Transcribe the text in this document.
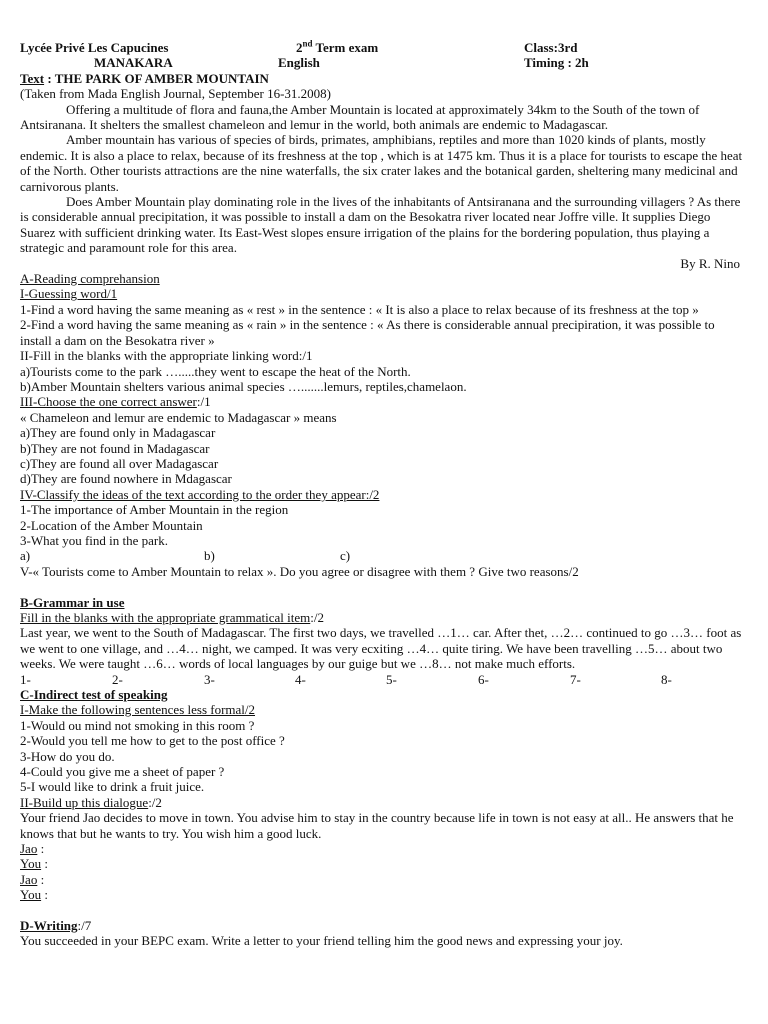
Lycée Privé Les Capucines	2nd Term exam	Class:3rd
MANAKARA	English	Timing : 2h

Text : THE PARK OF AMBER MOUNTAIN

(Taken from Mada English Journal, September 16-31.2008)

Offering a multitude of flora and fauna,the Amber Mountain is located at approximately 34km to the South of the town of Antsiranana. It shelters the smallest chameleon and lemur in the world, both animals are endemic to Madagascar.

Amber mountain has various of species of birds, primates, amphibians, reptiles and more than 1020 kinds of plants, mostly endemic. It is also a place to relax, because of its freshness at the top , which is at 1475 km. Thus it is a place for tourists to escape the heat of the North. Other tourists attractions are the nine waterfalls, the six crater lakes and the botanical garden, sheltering many medicinal and carnivorous plants.

Does Amber Mountain play dominating role in the lives of the inhabitants of Antsiranana and the surrounding villagers ? As there is considerable annual precipitation, it was possible to install a dam on the Besokatra river located near Joffre ville. It supplies Diego Suarez with sufficient drinking water. Its East-West slopes ensure irrigation of the plains for the bordering population, thus playing a strategic and paramount role for this area.

By R. Nino

A-Reading comprehansion

I-Guessing word/1

1-Find a word having the same meaning as « rest » in the sentence : « It is also a place to relax because of its freshness at the top »

2-Find a word having the same meaning as « rain » in the sentence : « As there is considerable annual precipiration, it was possible to install a dam on the Besokatra river »

II-Fill in the blanks with the appropriate linking word:/1

a)Tourists come to the park ….....they went to escape the heat of the North.

b)Amber Mountain shelters various animal species ….......lemurs, reptiles,chamelaon.

III-Choose the one correct answer:/1

« Chameleon and lemur are endemic to Madagascar » means

a)They are found only in Madagascar

b)They are not found in Madagascar

c)They are found all over Madagascar

d)They are found nowhere in Mdagascar

IV-Classify the ideas of the text according to the order they appear:/2

1-The importance of Amber Mountain in the region

2-Location of the Amber Mountain

3-What you find in the park.

a)	b)	c)

V-« Tourists come to Amber Mountain to relax ». Do you agree or disagree with them ? Give two reasons/2

B-Grammar in use

Fill in the blanks with the appropriate grammatical item:/2

Last year, we went to the South of Madagascar. The first two days, we travelled …1… car. After thet, …2… continued to go …3… foot as we went to one village, and …4… night, we camped. It was very ecxiting …4… quite tiring. We have been travelling …5… about two weeks. We were taught …6… words of local languages by our guige but we …8… not make much efforts.

1-	2-	3-	4-	5-	6-	7-	8-

C-Indirect test of speaking

I-Make the following sentences less formal/2

1-Would ou mind not smoking in this room ?

2-Would you tell me how to get to the post office ?

3-How do you do.

4-Could you give me a sheet of paper ?

5-I would like to drink a fruit juice.

II-Build up this dialogue:/2

Your friend Jao decides to move in town. You advise him to stay in the country because life in town is not easy at all.. He answers that he knows that but he wants to try. You wish him a good luck.

Jao :

You :

Jao :

You :

D-Writing:/7

You succeeded in your BEPC exam. Write a letter to your friend telling him the good news and expressing your joy.
